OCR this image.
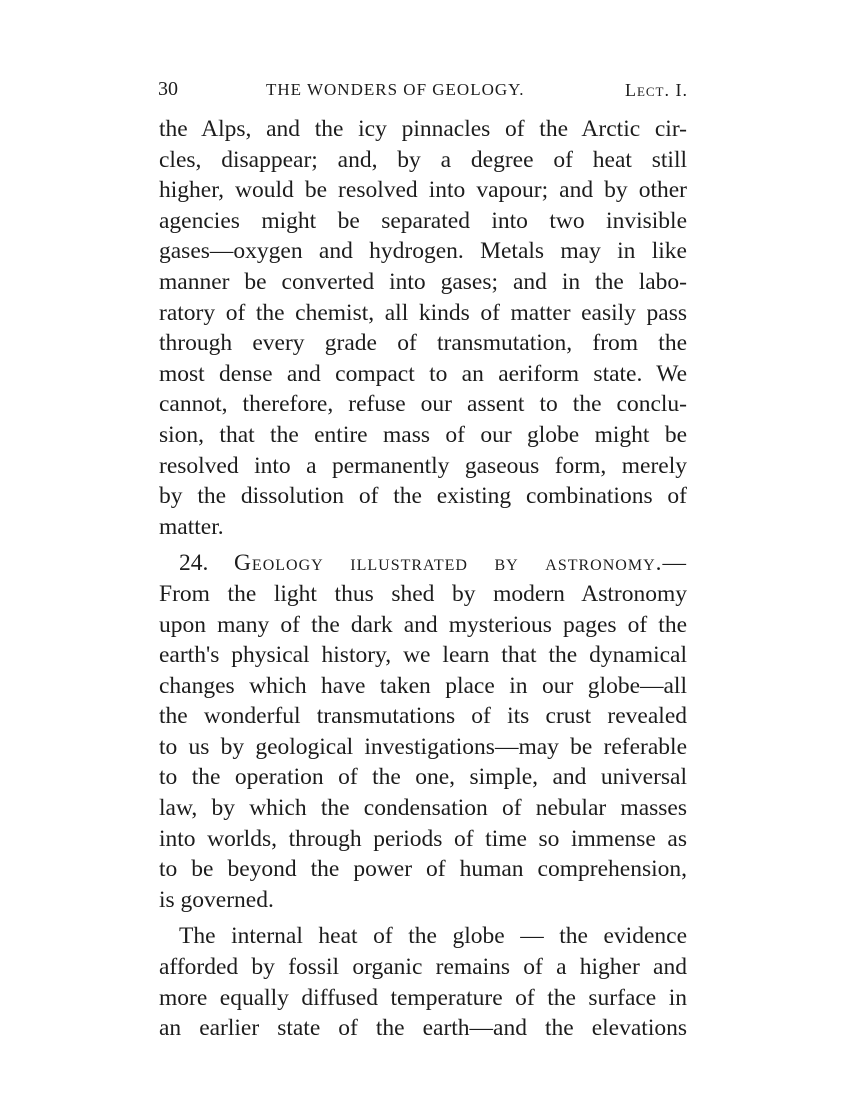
30	THE WONDERS OF GEOLOGY.	Lect. I.
the Alps, and the icy pinnacles of the Arctic cir-
cles, disappear; and, by a degree of heat still
higher, would be resolved into vapour; and by other
agencies might be separated into two invisible
gases—oxygen and hydrogen. Metals may in like
manner be converted into gases; and in the labo-
ratory of the chemist, all kinds of matter easily pass
through every grade of transmutation, from the
most dense and compact to an aeriform state. We
cannot, therefore, refuse our assent to the conclu-
sion, that the entire mass of our globe might be
resolved into a permanently gaseous form, merely
by the dissolution of the existing combinations of
matter.
24. Geology illustrated by astronomy.—
From the light thus shed by modern Astronomy
upon many of the dark and mysterious pages of the
earth's physical history, we learn that the dynamical
changes which have taken place in our globe—all
the wonderful transmutations of its crust revealed
to us by geological investigations—may be referable
to the operation of the one, simple, and universal
law, by which the condensation of nebular masses
into worlds, through periods of time so immense as
to be beyond the power of human comprehension,
is governed.
The internal heat of the globe — the evidence
afforded by fossil organic remains of a higher and
more equally diffused temperature of the surface in
an earlier state of the earth—and the elevations
